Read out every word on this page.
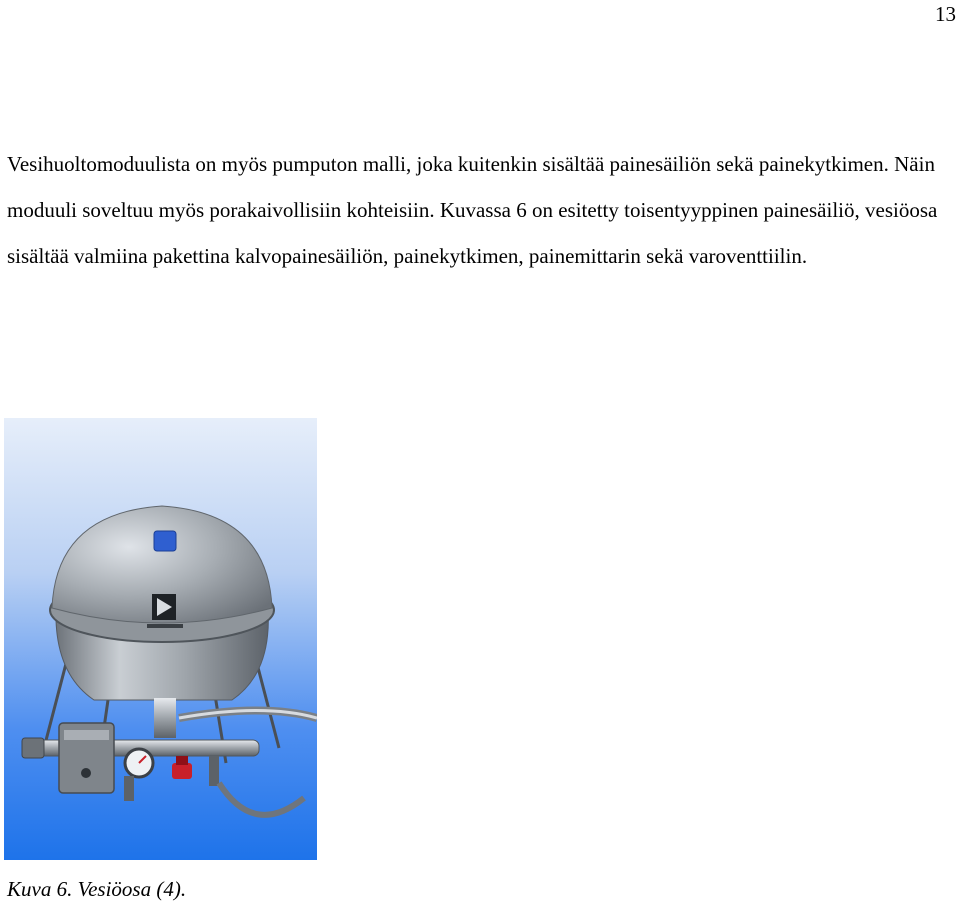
13

Vesihuoltomoduulista on myös pumputon malli, joka kuitenkin sisältää painesäiliön sekä painekytkimen. Näin moduuli soveltuu myös porakaivollisiin kohteisiin. Kuvassa 6 on esitetty toisentyyppinen painesäiliö, vesiöosa sisältää valmiina pakettina kalvopainesäiliön, painekytkimen, painemittarin sekä varoventtiilin.

Kuva 6. Vesiöosa (4).
